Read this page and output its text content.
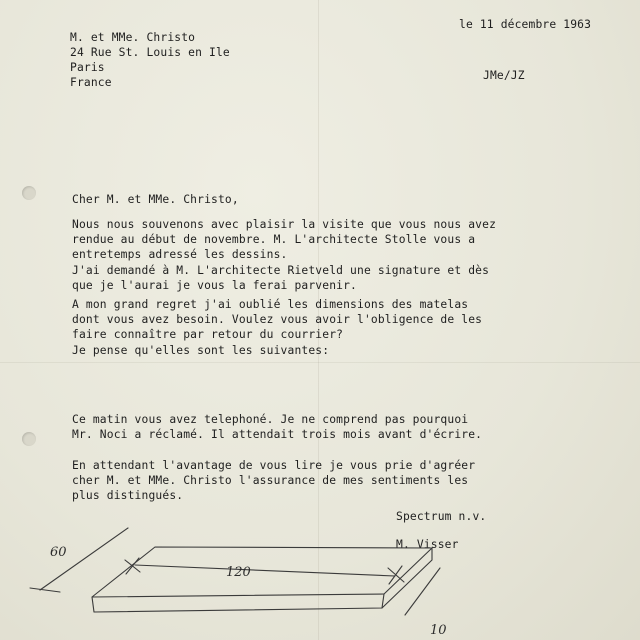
le 11 décembre 1963
M. et MMe. Christo
24 Rue St. Louis en Ile
Paris
France
JMe/JZ
Cher M. et MMe. Christo,
Nous nous souvenons avec plaisir la visite que vous nous avez
rendue au début de novembre. M. L'architecte Stolle vous a
entretemps adressé les dessins.
J'ai demandé à M. L'architecte Rietveld une signature et dès
que je l'aurai je vous la ferai parvenir.
A mon grand regret j'ai oublié les dimensions des matelas
dont vous avez besoin. Voulez vous avoir l'obligence de les
faire connaître par retour du courrier?
Je pense qu'elles sont les suivantes:
Ce matin vous avez telephoné. Je ne comprend pas pourquoi
Mr. Noci a réclamé. Il attendait trois mois avant d'écrire.
En attendant l'avantage de vous lire je vous prie d'agréer
cher M. et MMe. Christo l'assurance de mes sentiments les
plus distingués.
Spectrum n.v.
M. Visser
60
120
10
